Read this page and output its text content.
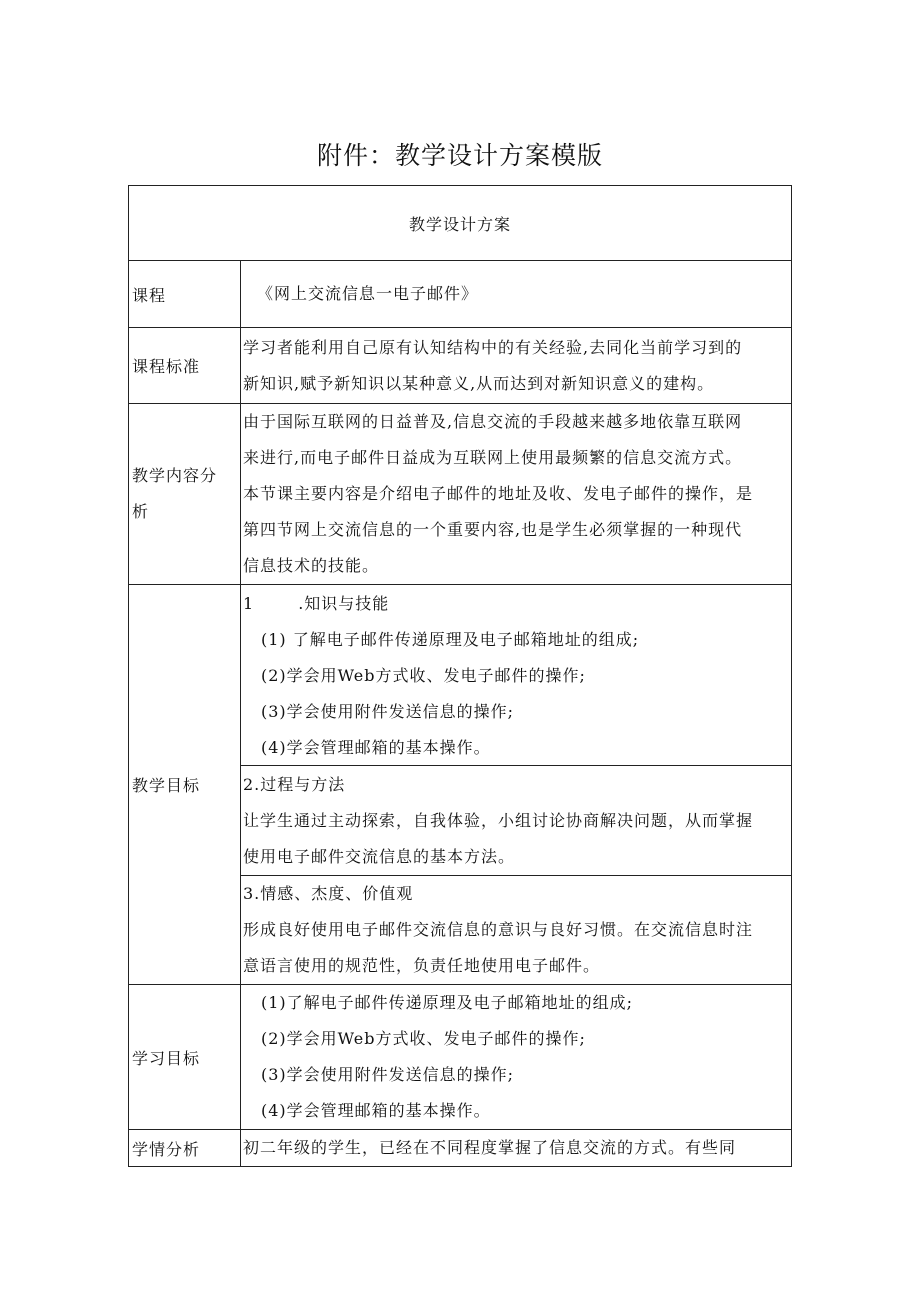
附件：教学设计方案模版
教学设计方案	
课程	《网上交流信息一电子邮件》

课程标准	学习者能利用自己原有认知结构中的有关经验,去同化当前学习到的
新知识,赋予新知识以某种意义,从而达到对新知识意义的建构。

教学内容分析	由于国际互联网的日益普及,信息交流的手段越来越多地依靠互联网
来进行,而电子邮件日益成为互联网上使用最频繁的信息交流方式。
本节课主要内容是介绍电子邮件的地址及收、发电子邮件的操作，是
第四节网上交流信息的一个重要内容,也是学生必须掌握的一种现代
信息技术的技能。

教学目标	1 .知识与技能
(1) 了解电子邮件传递原理及电子邮箱地址的组成;
(2)学会用Web方式收、发电子邮件的操作;
(3)学会使用附件发送信息的操作;
(4)学会管理邮箱的基本操作。

	2.过程与方法
让学生通过主动探索，自我体验，小组讨论协商解决问题，从而掌握
使用电子邮件交流信息的基本方法。

	3.情感、杰度、价值观
形成良好使用电子邮件交流信息的意识与良好习惯。在交流信息时注
意语言使用的规范性，负责任地使用电子邮件。

学习目标	(1)了解电子邮件传递原理及电子邮箱地址的组成;
(2)学会用Web方式收、发电子邮件的操作;
(3)学会使用附件发送信息的操作;
(4)学会管理邮箱的基本操作。

学情分析	初二年级的学生，已经在不同程度掌握了信息交流的方式。有些同
